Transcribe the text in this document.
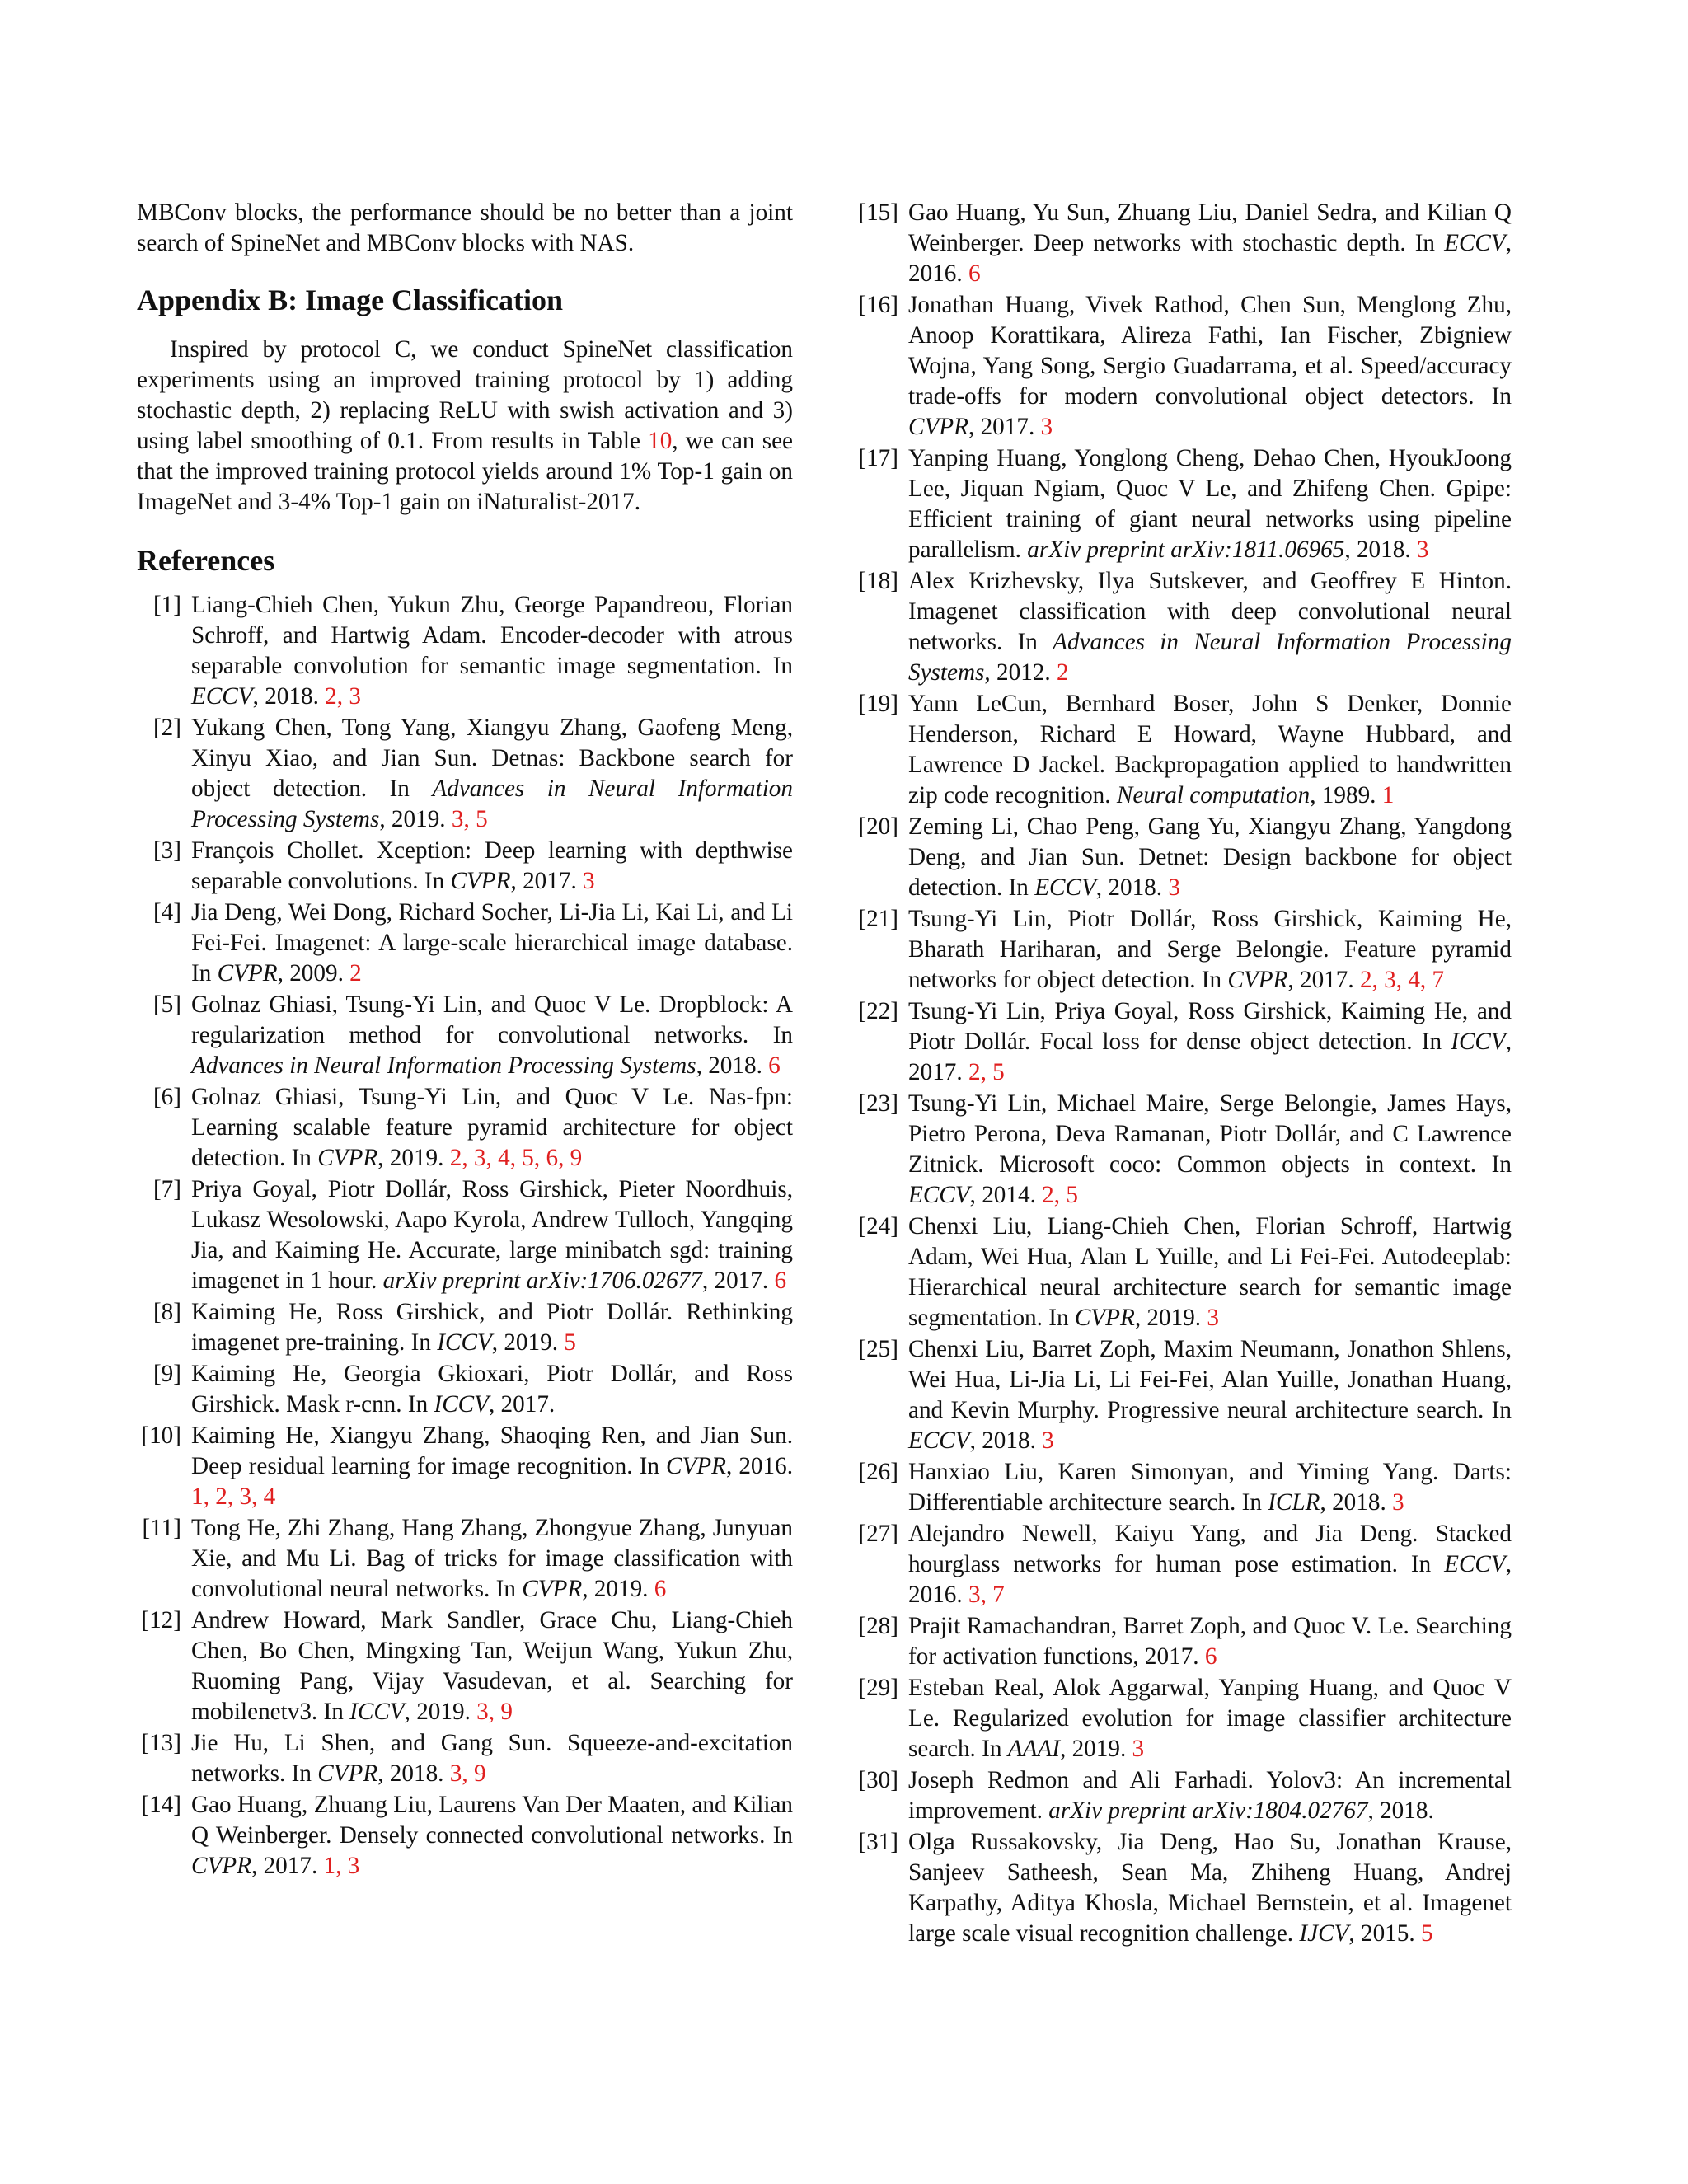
MBConv blocks, the performance should be no better than a joint search of SpineNet and MBConv blocks with NAS.

Appendix B: Image Classification

Inspired by protocol C, we conduct SpineNet classification experiments using an improved training protocol by 1) adding stochastic depth, 2) replacing ReLU with swish activation and 3) using label smoothing of 0.1. From results in Table 10, we can see that the improved training protocol yields around 1% Top-1 gain on ImageNet and 3-4% Top-1 gain on iNaturalist-2017.

References
[1] Liang-Chieh Chen, Yukun Zhu, George Papandreou, Florian Schroff, and Hartwig Adam. Encoder-decoder with atrous separable convolution for semantic image segmentation. In ECCV, 2018. 2, 3
[2] Yukang Chen, Tong Yang, Xiangyu Zhang, Gaofeng Meng, Xinyu Xiao, and Jian Sun. Detnas: Backbone search for object detection. In Advances in Neural Information Processing Systems, 2019. 3, 5
[3] François Chollet. Xception: Deep learning with depthwise separable convolutions. In CVPR, 2017. 3
[4] Jia Deng, Wei Dong, Richard Socher, Li-Jia Li, Kai Li, and Li Fei-Fei. Imagenet: A large-scale hierarchical image database. In CVPR, 2009. 2
[5] Golnaz Ghiasi, Tsung-Yi Lin, and Quoc V Le. Dropblock: A regularization method for convolutional networks. In Advances in Neural Information Processing Systems, 2018. 6
[6] Golnaz Ghiasi, Tsung-Yi Lin, and Quoc V Le. Nas-fpn: Learning scalable feature pyramid architecture for object detection. In CVPR, 2019. 2, 3, 4, 5, 6, 9
[7] Priya Goyal, Piotr Dollár, Ross Girshick, Pieter Noordhuis, Lukasz Wesolowski, Aapo Kyrola, Andrew Tulloch, Yangqing Jia, and Kaiming He. Accurate, large minibatch sgd: training imagenet in 1 hour. arXiv preprint arXiv:1706.02677, 2017. 6
[8] Kaiming He, Ross Girshick, and Piotr Dollár. Rethinking imagenet pre-training. In ICCV, 2019. 5
[9] Kaiming He, Georgia Gkioxari, Piotr Dollár, and Ross Girshick. Mask r-cnn. In ICCV, 2017.
[10] Kaiming He, Xiangyu Zhang, Shaoqing Ren, and Jian Sun. Deep residual learning for image recognition. In CVPR, 2016. 1, 2, 3, 4
[11] Tong He, Zhi Zhang, Hang Zhang, Zhongyue Zhang, Junyuan Xie, and Mu Li. Bag of tricks for image classification with convolutional neural networks. In CVPR, 2019. 6
[12] Andrew Howard, Mark Sandler, Grace Chu, Liang-Chieh Chen, Bo Chen, Mingxing Tan, Weijun Wang, Yukun Zhu, Ruoming Pang, Vijay Vasudevan, et al. Searching for mobilenetv3. In ICCV, 2019. 3, 9
[13] Jie Hu, Li Shen, and Gang Sun. Squeeze-and-excitation networks. In CVPR, 2018. 3, 9
[14] Gao Huang, Zhuang Liu, Laurens Van Der Maaten, and Kilian Q Weinberger. Densely connected convolutional networks. In CVPR, 2017. 1, 3
[15] Gao Huang, Yu Sun, Zhuang Liu, Daniel Sedra, and Kilian Q Weinberger. Deep networks with stochastic depth. In ECCV, 2016. 6
[16] Jonathan Huang, Vivek Rathod, Chen Sun, Menglong Zhu, Anoop Korattikara, Alireza Fathi, Ian Fischer, Zbigniew Wojna, Yang Song, Sergio Guadarrama, et al. Speed/accuracy trade-offs for modern convolutional object detectors. In CVPR, 2017. 3
[17] Yanping Huang, Yonglong Cheng, Dehao Chen, HyoukJoong Lee, Jiquan Ngiam, Quoc V Le, and Zhifeng Chen. Gpipe: Efficient training of giant neural networks using pipeline parallelism. arXiv preprint arXiv:1811.06965, 2018. 3
[18] Alex Krizhevsky, Ilya Sutskever, and Geoffrey E Hinton. Imagenet classification with deep convolutional neural networks. In Advances in Neural Information Processing Systems, 2012. 2
[19] Yann LeCun, Bernhard Boser, John S Denker, Donnie Henderson, Richard E Howard, Wayne Hubbard, and Lawrence D Jackel. Backpropagation applied to handwritten zip code recognition. Neural computation, 1989. 1
[20] Zeming Li, Chao Peng, Gang Yu, Xiangyu Zhang, Yangdong Deng, and Jian Sun. Detnet: Design backbone for object detection. In ECCV, 2018. 3
[21] Tsung-Yi Lin, Piotr Dollár, Ross Girshick, Kaiming He, Bharath Hariharan, and Serge Belongie. Feature pyramid networks for object detection. In CVPR, 2017. 2, 3, 4, 7
[22] Tsung-Yi Lin, Priya Goyal, Ross Girshick, Kaiming He, and Piotr Dollár. Focal loss for dense object detection. In ICCV, 2017. 2, 5
[23] Tsung-Yi Lin, Michael Maire, Serge Belongie, James Hays, Pietro Perona, Deva Ramanan, Piotr Dollár, and C Lawrence Zitnick. Microsoft coco: Common objects in context. In ECCV, 2014. 2, 5
[24] Chenxi Liu, Liang-Chieh Chen, Florian Schroff, Hartwig Adam, Wei Hua, Alan L Yuille, and Li Fei-Fei. Autodeeplab: Hierarchical neural architecture search for semantic image segmentation. In CVPR, 2019. 3
[25] Chenxi Liu, Barret Zoph, Maxim Neumann, Jonathon Shlens, Wei Hua, Li-Jia Li, Li Fei-Fei, Alan Yuille, Jonathan Huang, and Kevin Murphy. Progressive neural architecture search. In ECCV, 2018. 3
[26] Hanxiao Liu, Karen Simonyan, and Yiming Yang. Darts: Differentiable architecture search. In ICLR, 2018. 3
[27] Alejandro Newell, Kaiyu Yang, and Jia Deng. Stacked hourglass networks for human pose estimation. In ECCV, 2016. 3, 7
[28] Prajit Ramachandran, Barret Zoph, and Quoc V. Le. Searching for activation functions, 2017. 6
[29] Esteban Real, Alok Aggarwal, Yanping Huang, and Quoc V Le. Regularized evolution for image classifier architecture search. In AAAI, 2019. 3
[30] Joseph Redmon and Ali Farhadi. Yolov3: An incremental improvement. arXiv preprint arXiv:1804.02767, 2018.
[31] Olga Russakovsky, Jia Deng, Hao Su, Jonathan Krause, Sanjeev Satheesh, Sean Ma, Zhiheng Huang, Andrej Karpathy, Aditya Khosla, Michael Bernstein, et al. Imagenet large scale visual recognition challenge. IJCV, 2015. 5
